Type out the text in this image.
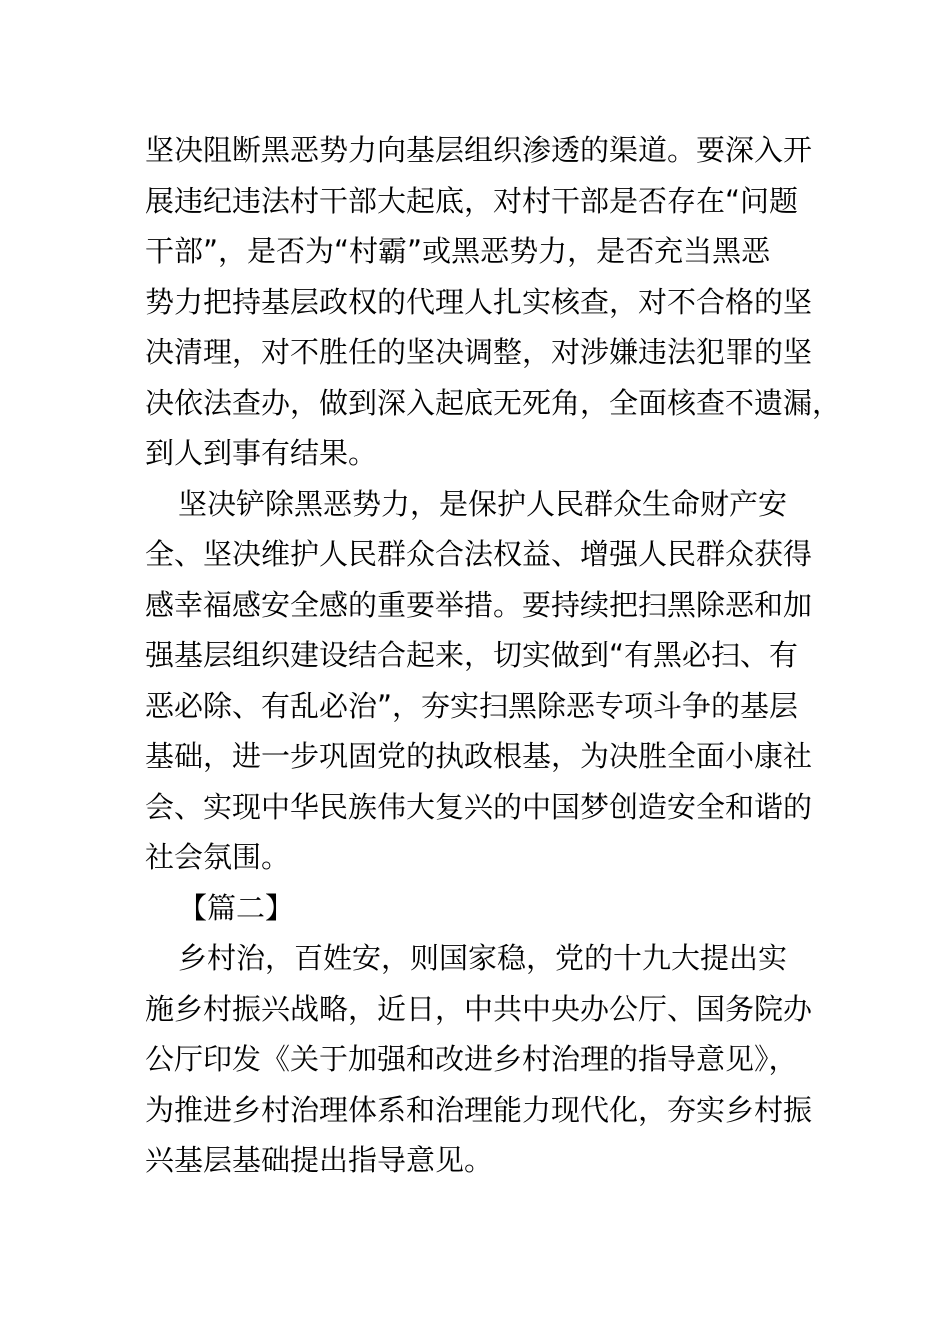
坚决阻断黑恶势力向基层组织渗透的渠道。要深入开
展违纪违法村干部大起底，对村干部是否存在“问题
干部”，是否为“村霸”或黑恶势力，是否充当黑恶
势力把持基层政权的代理人扎实核查，对不合格的坚
决清理，对不胜任的坚决调整，对涉嫌违法犯罪的坚
决依法查办，做到深入起底无死角，全面核查不遗漏，
到人到事有结果。
坚决铲除黑恶势力，是保护人民群众生命财产安
全、坚决维护人民群众合法权益、增强人民群众获得
感幸福感安全感的重要举措。要持续把扫黑除恶和加
强基层组织建设结合起来，切实做到“有黑必扫、有
恶必除、有乱必治”，夯实扫黑除恶专项斗争的基层
基础，进一步巩固党的执政根基，为决胜全面小康社
会、实现中华民族伟大复兴的中国梦创造安全和谐的
社会氛围。
【篇二】
乡村治，百姓安，则国家稳，党的十九大提出实
施乡村振兴战略，近日，中共中央办公厅、国务院办
公厅印发《关于加强和改进乡村治理的指导意见》，
为推进乡村治理体系和治理能力现代化，夯实乡村振
兴基层基础提出指导意见。
